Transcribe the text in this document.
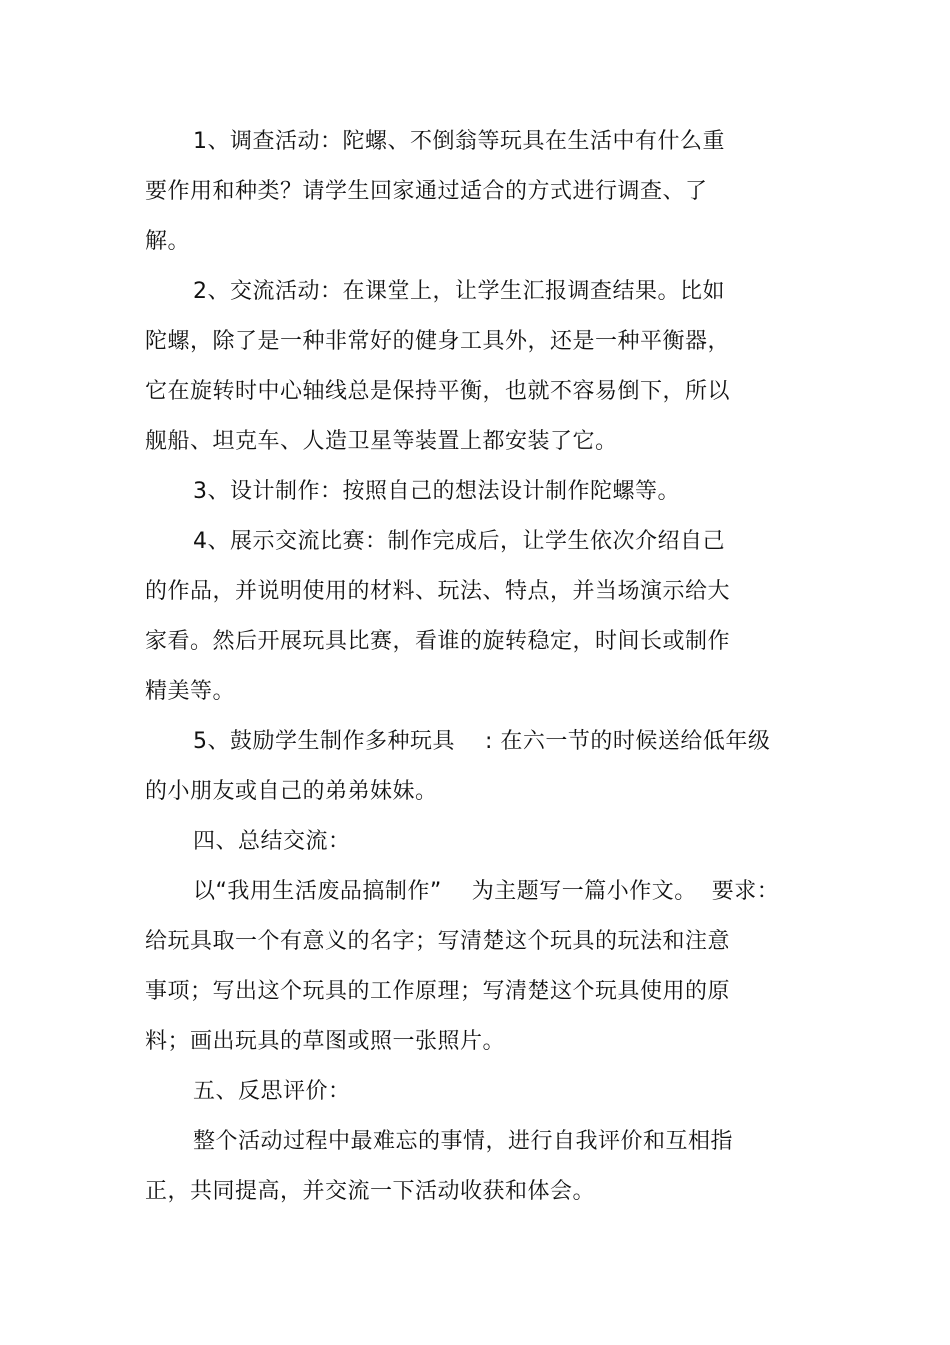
1、调查活动：陀螺、不倒翁等玩具在生活中有什么重
要作用和种类？请学生回家通过适合的方式进行调查、了
解。
2、交流活动：在课堂上，让学生汇报调查结果。比如
陀螺，除了是一种非常好的健身工具外，还是一种平衡器，
它在旋转时中心轴线总是保持平衡，也就不容易倒下，所以
舰船、坦克车、人造卫星等装置上都安装了它。
3、设计制作：按照自己的想法设计制作陀螺等。
4、展示交流比赛：制作完成后，让学生依次介绍自己
的作品，并说明使用的材料、玩法、特点，并当场演示给大
家看。然后开展玩具比赛，看谁的旋转稳定，时间长或制作
精美等。
5、鼓励学生制作多种玩具    : 在六一节的时候送给低年级
的小朋友或自己的弟弟妹妹。
四、总结交流：
以“我用生活废品搞制作”    为主题写一篇小作文。  要求：
给玩具取一个有意义的名字；写清楚这个玩具的玩法和注意
事项；写出这个玩具的工作原理；写清楚这个玩具使用的原
料；画出玩具的草图或照一张照片。
五、反思评价：
整个活动过程中最难忘的事情，进行自我评价和互相指
正，共同提高，并交流一下活动收获和体会。
